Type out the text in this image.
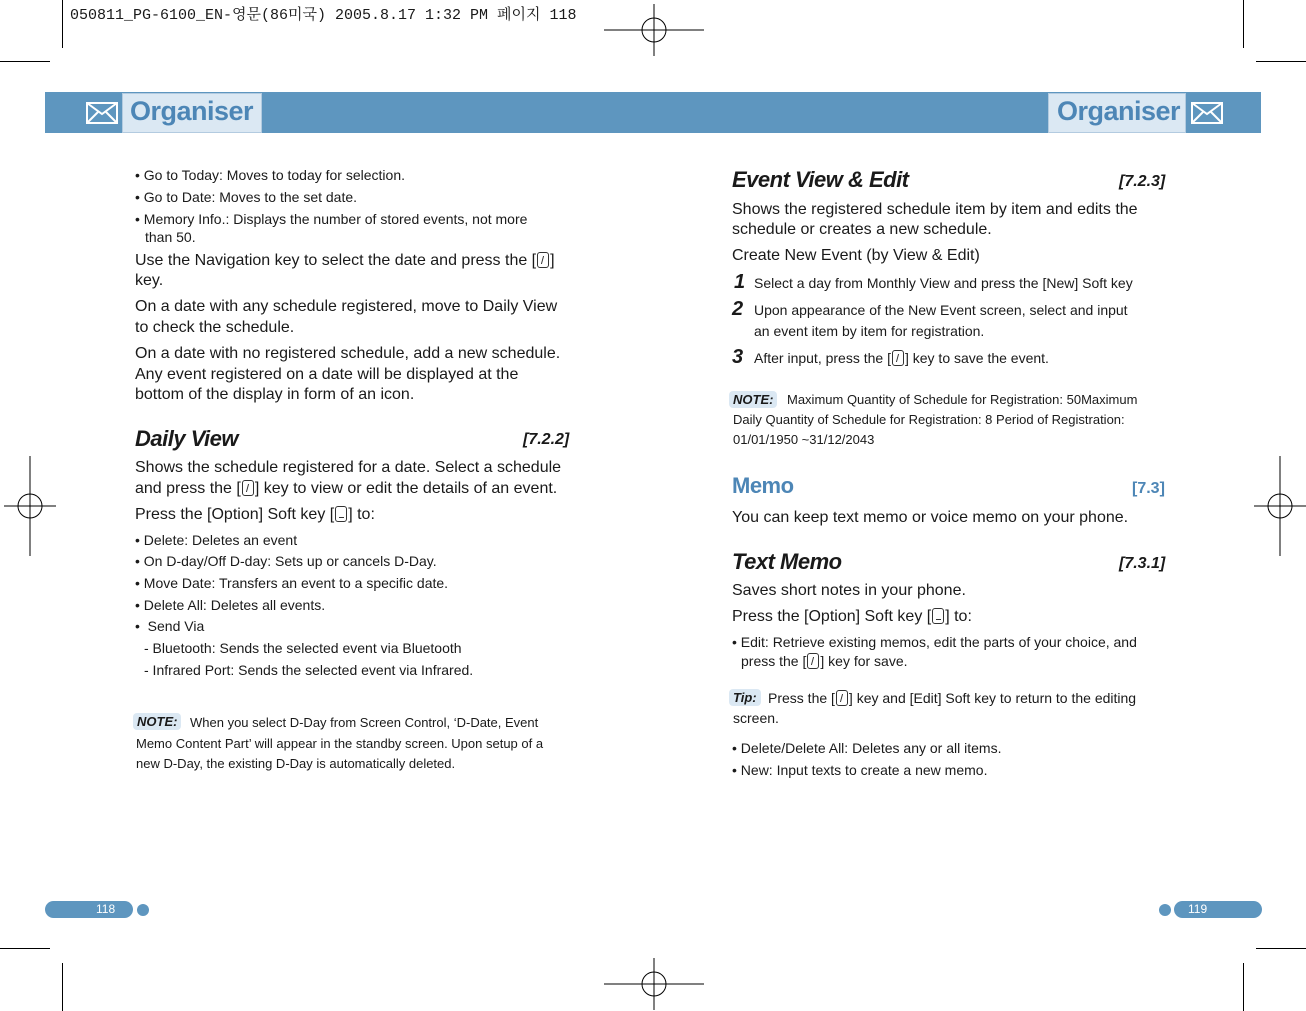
050811_PG-6100_EN-영문(86미국) 2005.8.17 1:32 PM 페이지 118
Organiser	Organiser
• Go to Today: Moves to today for selection.
• Go to Date: Moves to the set date.
• Memory Info.: Displays the number of stored events, not more
than 50.
Use the Navigation key to select the date and press the [ ]
key.
On a date with any schedule registered, move to Daily View
to check the schedule.
On a date with no registered schedule, add a new schedule.
Any event registered on a date will be displayed at the
bottom of the display in form of an icon.
Daily View	[7.2.2]
Shows the schedule registered for a date. Select a schedule
and press the [ ] key to view or edit the details of an event.
Press the [Option] Soft key [ ] to:
• Delete: Deletes an event
• On D-day/Off D-day: Sets up or cancels D-Day.
• Move Date: Transfers an event to a specific date.
• Delete All: Deletes all events.
•  Send Via
- Bluetooth: Sends the selected event via Bluetooth
- Infrared Port: Sends the selected event via Infrared.
NOTE: When you select D-Day from Screen Control, ‘D-Date, Event
Memo Content Part’ will appear in the standby screen. Upon setup of a
new D-Day, the existing D-Day is automatically deleted.
118
Event View & Edit	[7.2.3]
Shows the registered schedule item by item and edits the
schedule or creates a new schedule.
Create New Event (by View & Edit)
1 Select a day from Monthly View and press the [New] Soft key
2 Upon appearance of the New Event screen, select and input
an event item by item for registration.
3 After input, press the [ ] key to save the event.
NOTE:	Maximum Quantity of Schedule for Registration: 50Maximum
Daily Quantity of Schedule for Registration: 8 Period of Registration:
01/01/1950 ~31/12/2043
Memo	[7.3]
You can keep text memo or voice memo on your phone.
Text Memo	[7.3.1]
Saves short notes in your phone.
Press the [Option] Soft key [ ] to:
• Edit: Retrieve existing memos, edit the parts of your choice, and
press the [ ] key for save.
Tip: Press the [ ] key and [Edit] Soft key to return to the editing
screen.
• Delete/Delete All: Deletes any or all items.
• New: Input texts to create a new memo.
119
